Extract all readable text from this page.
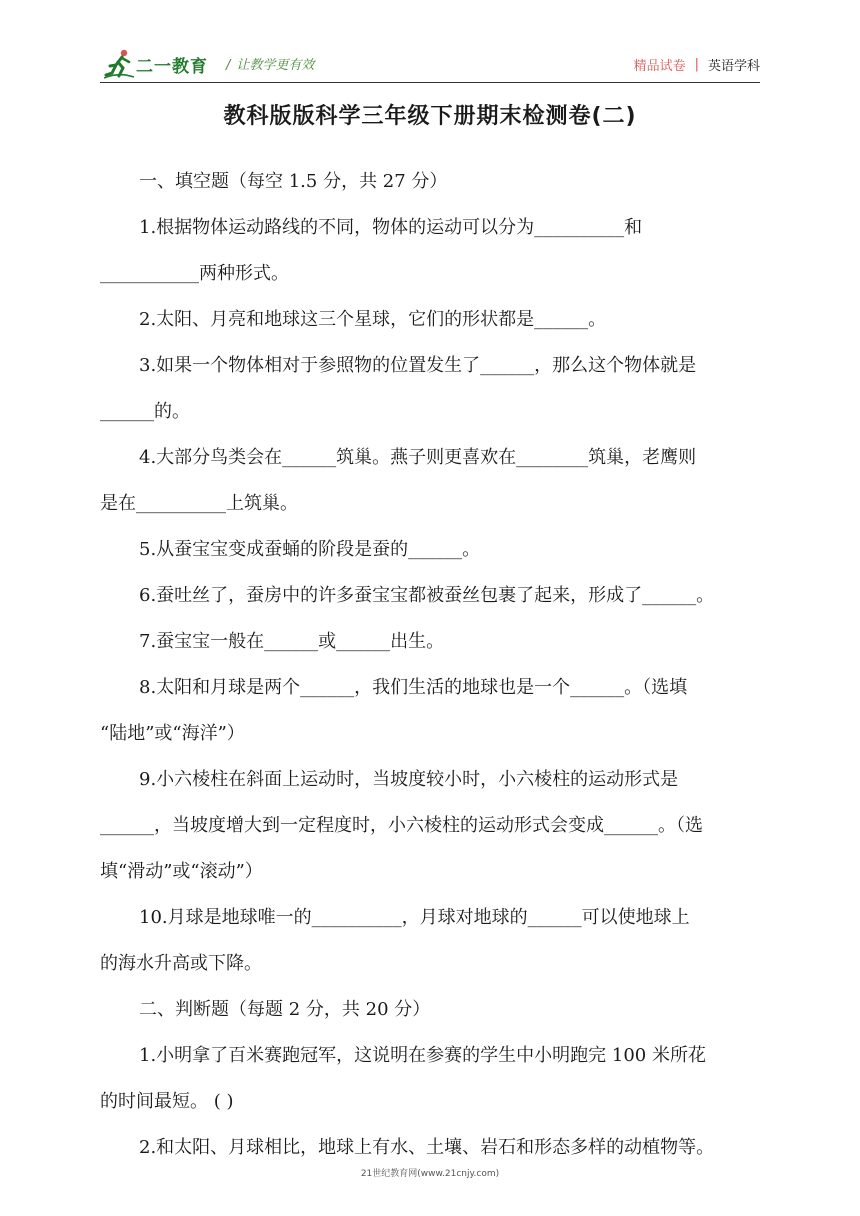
二一教育 / 让教学更有效	精品试卷 | 英语学科
教科版版科学三年级下册期末检测卷(二)
一、填空题（每空 1.5 分，共 27 分）
1.根据物体运动路线的不同，物体的运动可以分为__________和
___________两种形式。
2.太阳、月亮和地球这三个星球，它们的形状都是______。
3.如果一个物体相对于参照物的位置发生了______，那么这个物体就是
______的。
4.大部分鸟类会在______筑巢。燕子则更喜欢在________筑巢，老鹰则
是在__________上筑巢。
5.从蚕宝宝变成蚕蛹的阶段是蚕的______。
6.蚕吐丝了，蚕房中的许多蚕宝宝都被蚕丝包裹了起来，形成了______。
7.蚕宝宝一般在______或______出生。
8.太阳和月球是两个______，我们生活的地球也是一个______。（选填
“陆地”或“海洋”）
9.小六棱柱在斜面上运动时，当坡度较小时，小六棱柱的运动形式是
______，当坡度增大到一定程度时，小六棱柱的运动形式会变成______。（选
填“滑动”或“滚动”）
10.月球是地球唯一的__________，月球对地球的______可以使地球上
的海水升高或下降。
二、判断题（每题 2 分，共 20 分）
1.小明拿了百米赛跑冠军，这说明在参赛的学生中小明跑完 100 米所花
的时间最短。 ( )
2.和太阳、月球相比，地球上有水、土壤、岩石和形态多样的动植物等。
21世纪教育网(www.21cnjy.com)
